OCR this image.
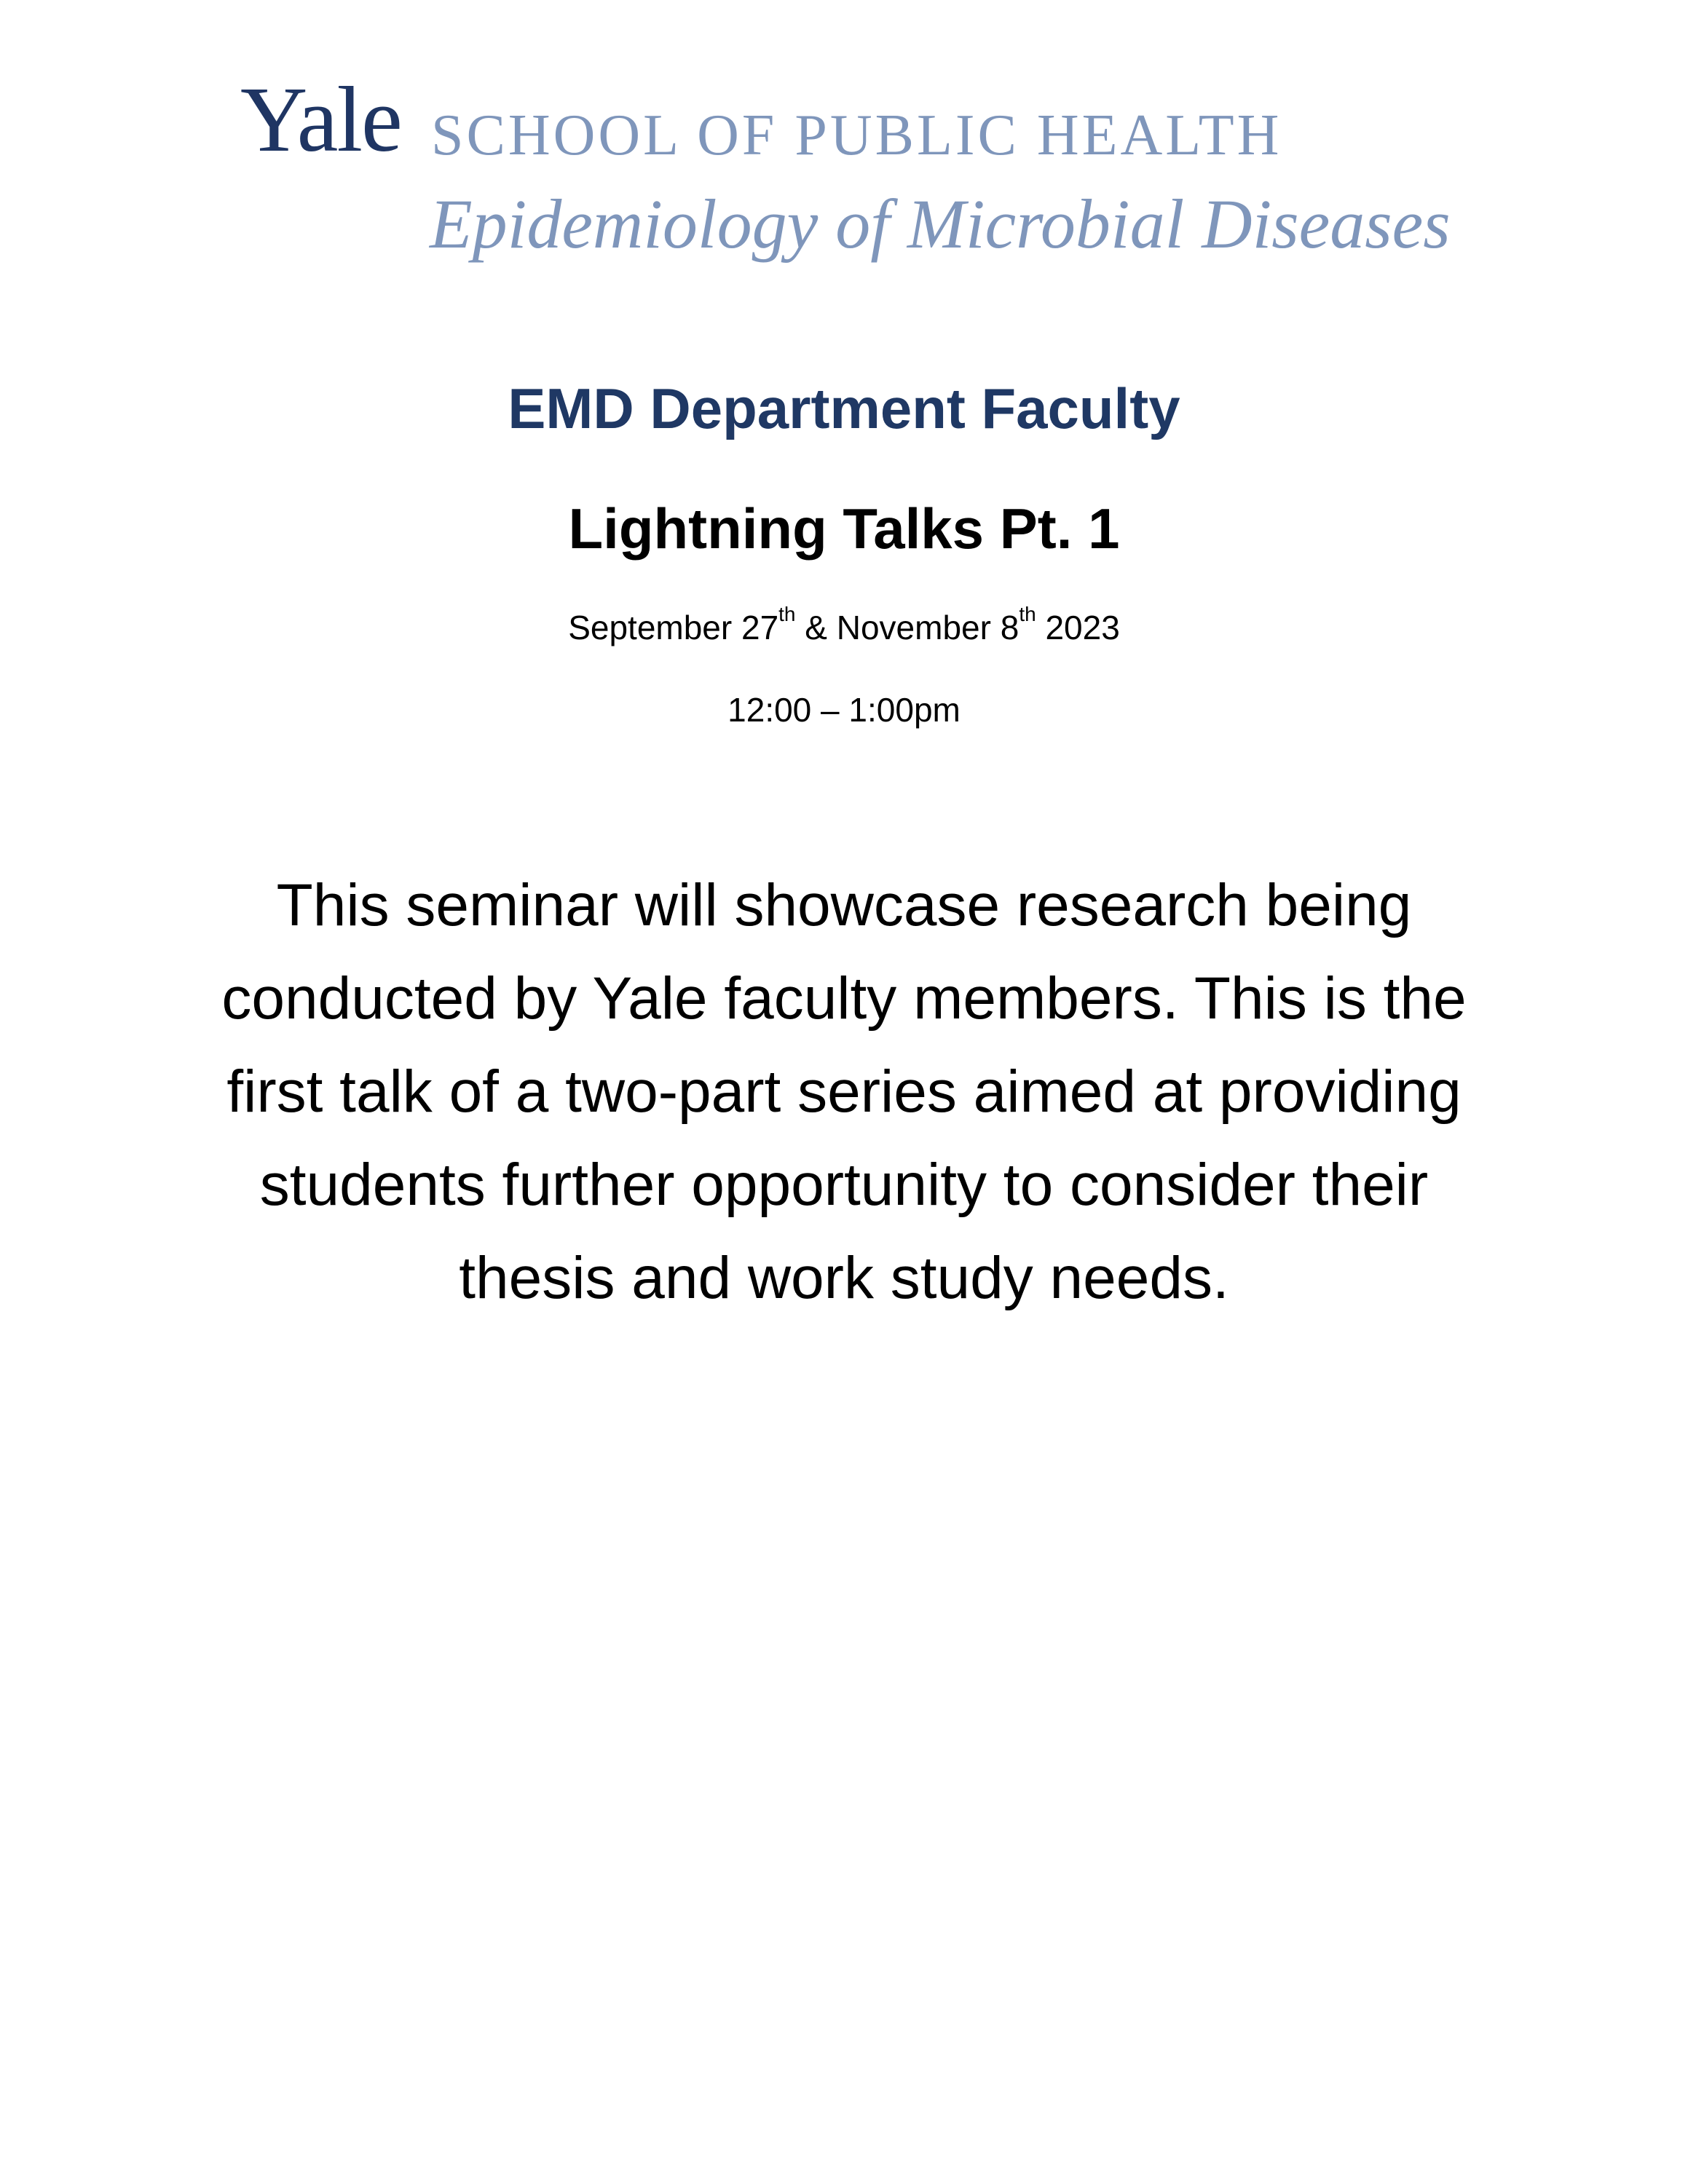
Yale SCHOOL OF PUBLIC HEALTH
Epidemiology of Microbial Diseases
EMD Department Faculty
Lightning Talks Pt. 1
September 27th & November 8th 2023
12:00 – 1:00pm
This seminar will showcase research being
conducted by Yale faculty members. This is the
first talk of a two-part series aimed at providing
students further opportunity to consider their
thesis and work study needs.
